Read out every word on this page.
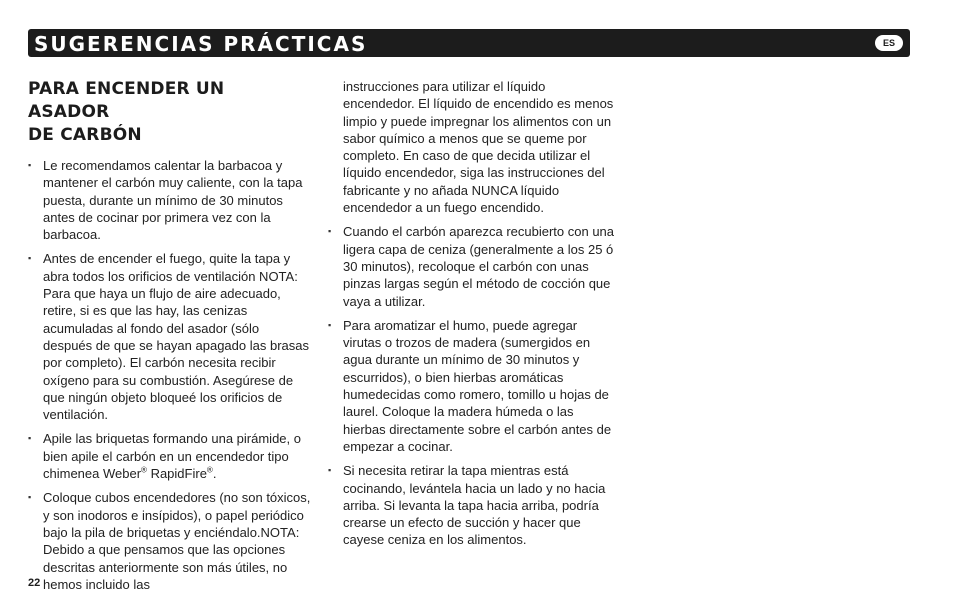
SUGERENCIAS PRÁCTICAS	ES
PARA ENCENDER UN ASADOR
DE CARBÓN
▪ Le recomendamos calentar la barbacoa y mantener el carbón muy caliente, con la tapa puesta, durante un mínimo de 30 minutos antes de cocinar por primera vez con la barbacoa.
▪ Antes de encender el fuego, quite la tapa y abra todos los orificios de ventilación NOTA: Para que haya un flujo de aire adecuado, retire, si es que las hay, las cenizas acumuladas al fondo del asador (sólo después de que se hayan apagado las brasas por completo). El carbón necesita recibir oxígeno para su combustión. Asegúrese de que ningún objeto bloqueé los orificios de ventilación.
▪ Apile las briquetas formando una pirámide, o bien apile el carbón en un encendedor tipo chimenea Weber® RapidFire®.
▪ Coloque cubos encendedores (no son tóxicos, y son inodoros e insípidos), o papel periódico bajo la pila de briquetas y enciéndalo.NOTA: Debido a que pensamos que las opciones descritas anteriormente son más útiles, no hemos incluido las
instrucciones para utilizar el líquido encendedor. El líquido de encendido es menos limpio y puede impregnar los alimentos con un sabor químico a menos que se queme por completo. En caso de que decida utilizar el líquido encendedor, siga las instrucciones del fabricante y no añada NUNCA líquido encendedor a un fuego encendido.
▪ Cuando el carbón aparezca recubierto con una ligera capa de ceniza (generalmente a los 25 ó 30 minutos), recoloque el carbón con unas pinzas largas según el método de cocción que vaya a utilizar.
▪ Para aromatizar el humo, puede agregar virutas o trozos de madera (sumergidos en agua durante un mínimo de 30 minutos y escurridos), o bien hierbas aromáticas humedecidas como romero, tomillo u hojas de laurel. Coloque la madera húmeda o las hierbas directamente sobre el carbón antes de empezar a cocinar.
▪ Si necesita retirar la tapa mientras está cocinando, levántela hacia un lado y no hacia arriba. Si levanta la tapa hacia arriba, podría crearse un efecto de succión y hacer que cayese ceniza en los alimentos.
22
